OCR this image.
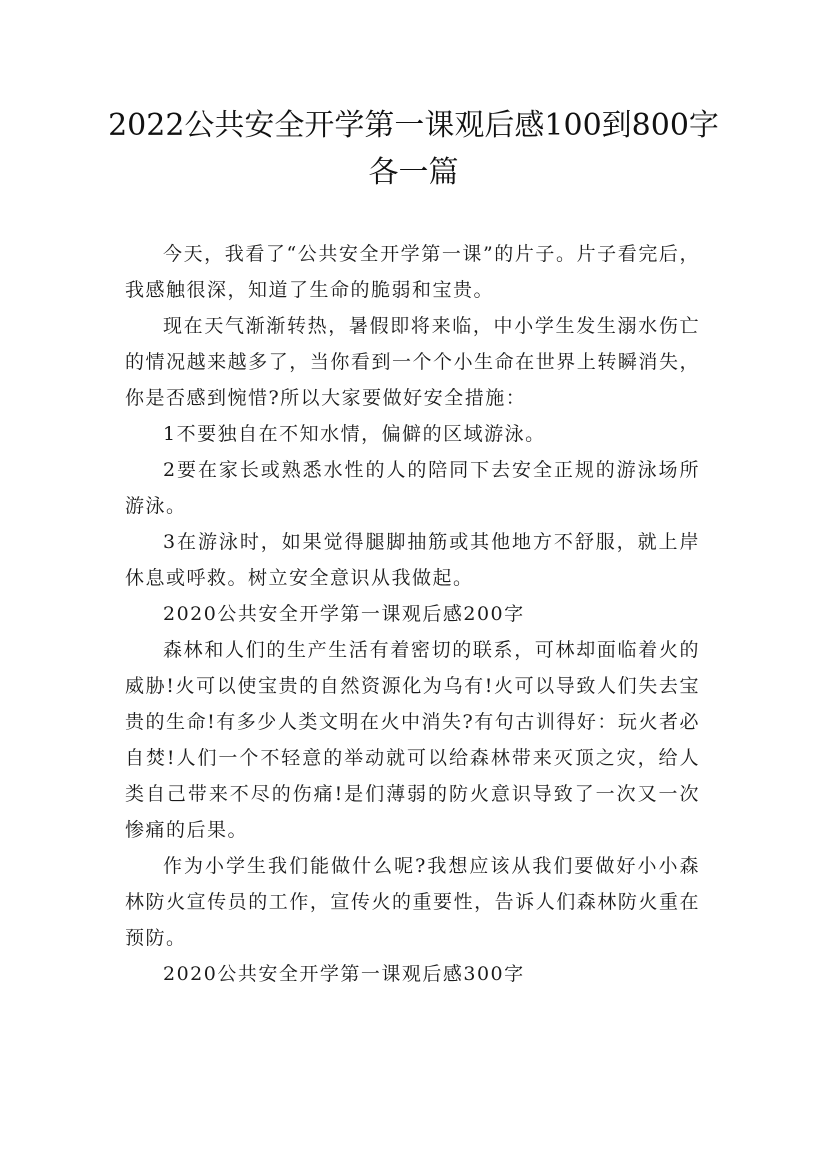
2022公共安全开学第一课观后感100到800字各一篇

今天，我看了“公共安全开学第一课”的片子。片子看完后，我感触很深，知道了生命的脆弱和宝贵。

现在天气渐渐转热，暑假即将来临，中小学生发生溺水伤亡的情况越来越多了，当你看到一个个小生命在世界上转瞬消失，你是否感到惋惜?所以大家要做好安全措施：

1不要独自在不知水情，偏僻的区域游泳。

2要在家长或熟悉水性的人的陪同下去安全正规的游泳场所游泳。

3在游泳时，如果觉得腿脚抽筋或其他地方不舒服，就上岸休息或呼救。树立安全意识从我做起。

2020公共安全开学第一课观后感200字

森林和人们的生产生活有着密切的联系，可林却面临着火的威胁!火可以使宝贵的自然资源化为乌有!火可以导致人们失去宝贵的生命!有多少人类文明在火中消失?有句古训得好：玩火者必自焚!人们一个不轻意的举动就可以给森林带来灭顶之灾，给人类自己带来不尽的伤痛!是们薄弱的防火意识导致了一次又一次惨痛的后果。

作为小学生我们能做什么呢?我想应该从我们要做好小小森林防火宣传员的工作，宣传火的重要性，告诉人们森林防火重在预防。

2020公共安全开学第一课观后感300字
